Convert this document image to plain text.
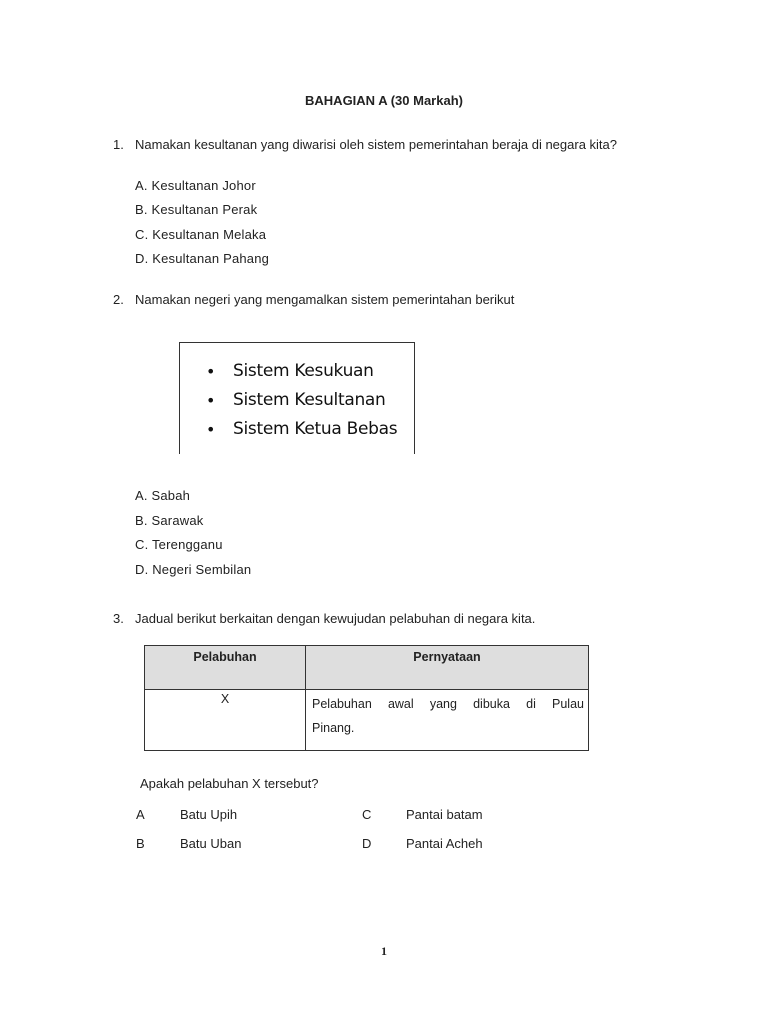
BAHAGIAN A (30 Markah)
1. Namakan kesultanan yang diwarisi oleh sistem pemerintahan beraja di negara kita?
A. Kesultanan Johor
B. Kesultanan Perak
C. Kesultanan Melaka
D. Kesultanan Pahang
2. Namakan negeri yang mengamalkan sistem pemerintahan berikut
• Sistem Kesukuan
• Sistem Kesultanan
• Sistem Ketua Bebas
A. Sabah
B. Sarawak
C. Terengganu
D. Negeri Sembilan
3. Jadual berikut berkaitan dengan kewujudan pelabuhan di negara kita.
Pelabuhan	Pernyataan

X	Pelabuhan awal yang dibuka di Pulau
Pinang.
Apakah pelabuhan X tersebut?
A	Batu Upih	C	Pantai batam
B	Batu Uban	D	Pantai Acheh
1
